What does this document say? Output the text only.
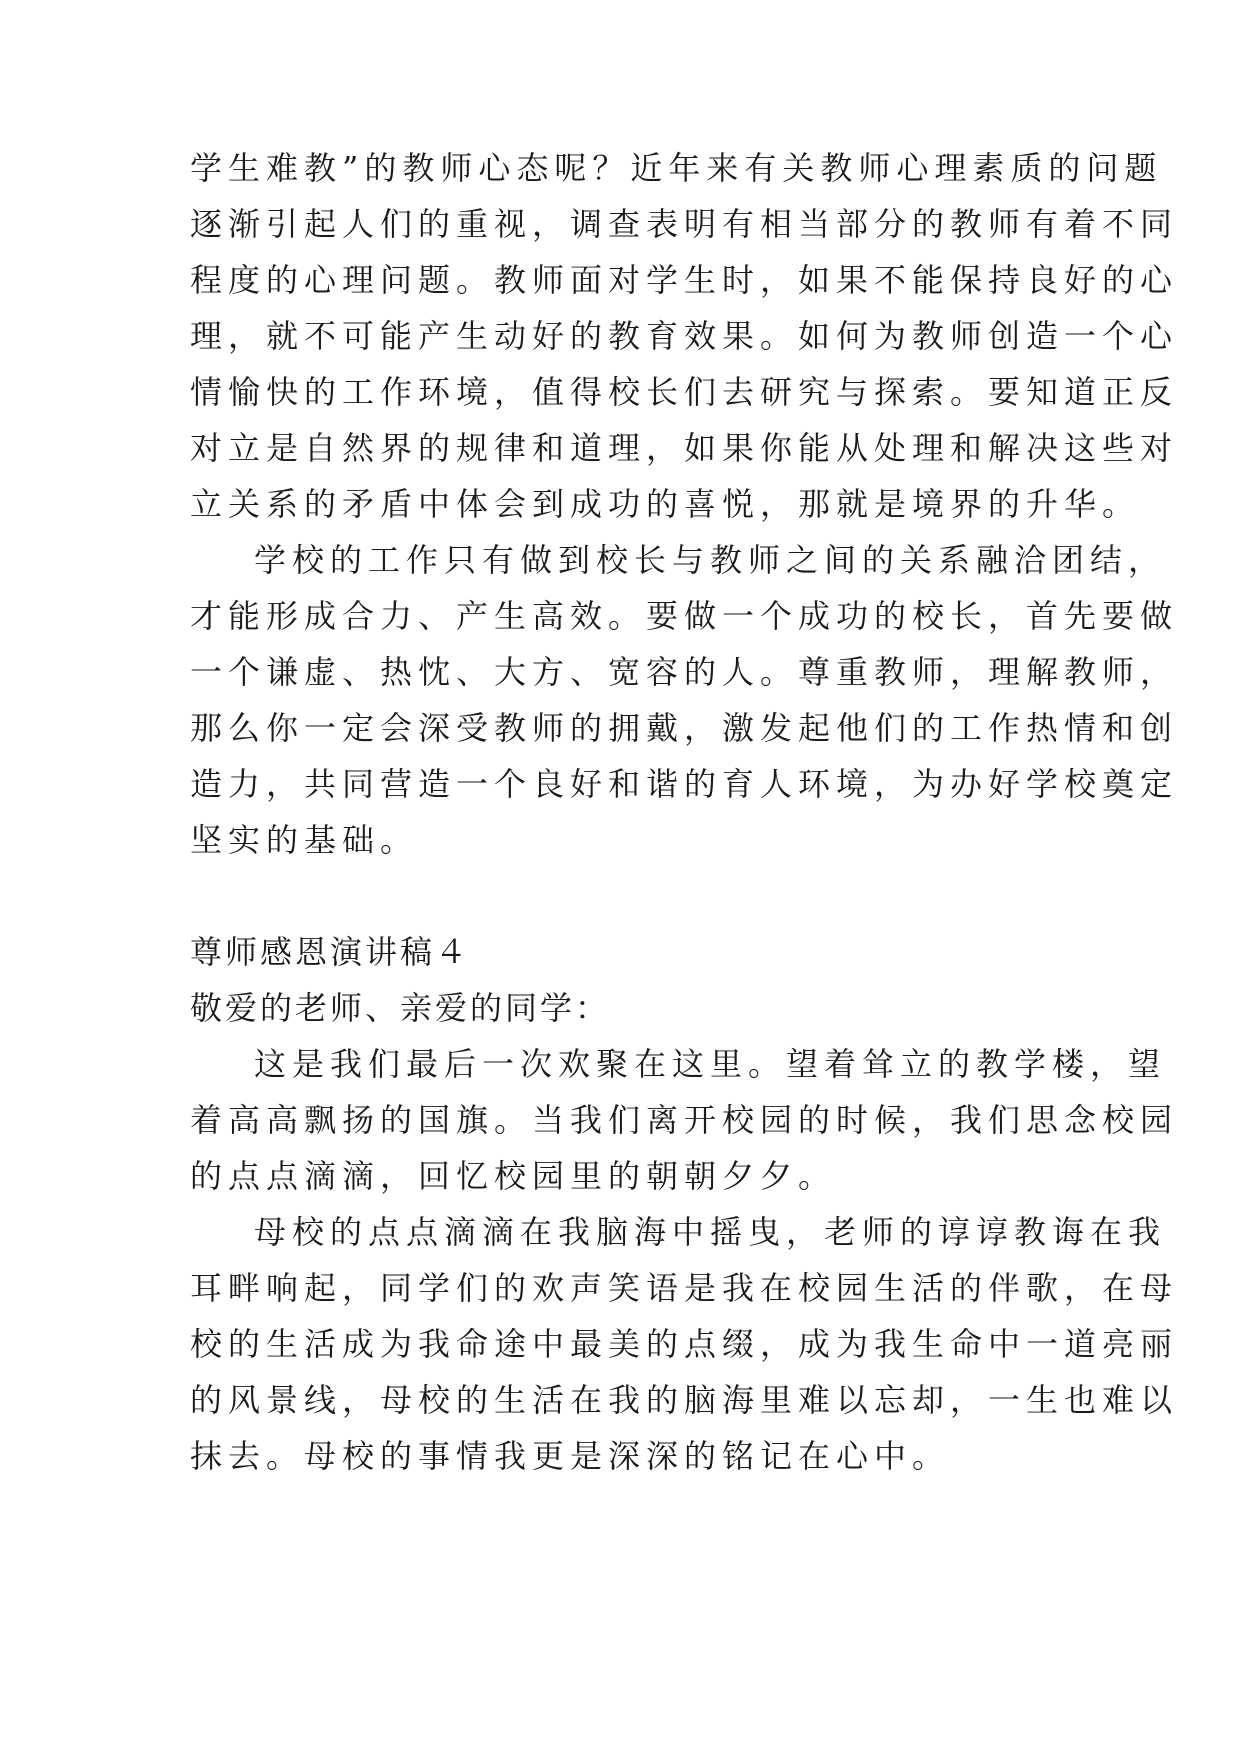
学生难教”的教师心态呢？近年来有关教师心理素质的问题
逐渐引起人们的重视，调查表明有相当部分的教师有着不同
程度的心理问题。教师面对学生时，如果不能保持良好的心
理，就不可能产生动好的教育效果。如何为教师创造一个心
情愉快的工作环境，值得校长们去研究与探索。要知道正反
对立是自然界的规律和道理，如果你能从处理和解决这些对
立关系的矛盾中体会到成功的喜悦，那就是境界的升华。
学校的工作只有做到校长与教师之间的关系融洽团结，
才能形成合力、产生高效。要做一个成功的校长，首先要做
一个谦虚、热忱、大方、宽容的人。尊重教师，理解教师，
那么你一定会深受教师的拥戴，激发起他们的工作热情和创
造力，共同营造一个良好和谐的育人环境，为办好学校奠定
坚实的基础。
尊师感恩演讲稿４
敬爱的老师、亲爱的同学：
这是我们最后一次欢聚在这里。望着耸立的教学楼，望
着高高飘扬的国旗。当我们离开校园的时候，我们思念校园
的点点滴滴，回忆校园里的朝朝夕夕。
母校的点点滴滴在我脑海中摇曳，老师的谆谆教诲在我
耳畔响起，同学们的欢声笑语是我在校园生活的伴歌，在母
校的生活成为我命途中最美的点缀，成为我生命中一道亮丽
的风景线，母校的生活在我的脑海里难以忘却，一生也难以
抹去。母校的事情我更是深深的铭记在心中。
